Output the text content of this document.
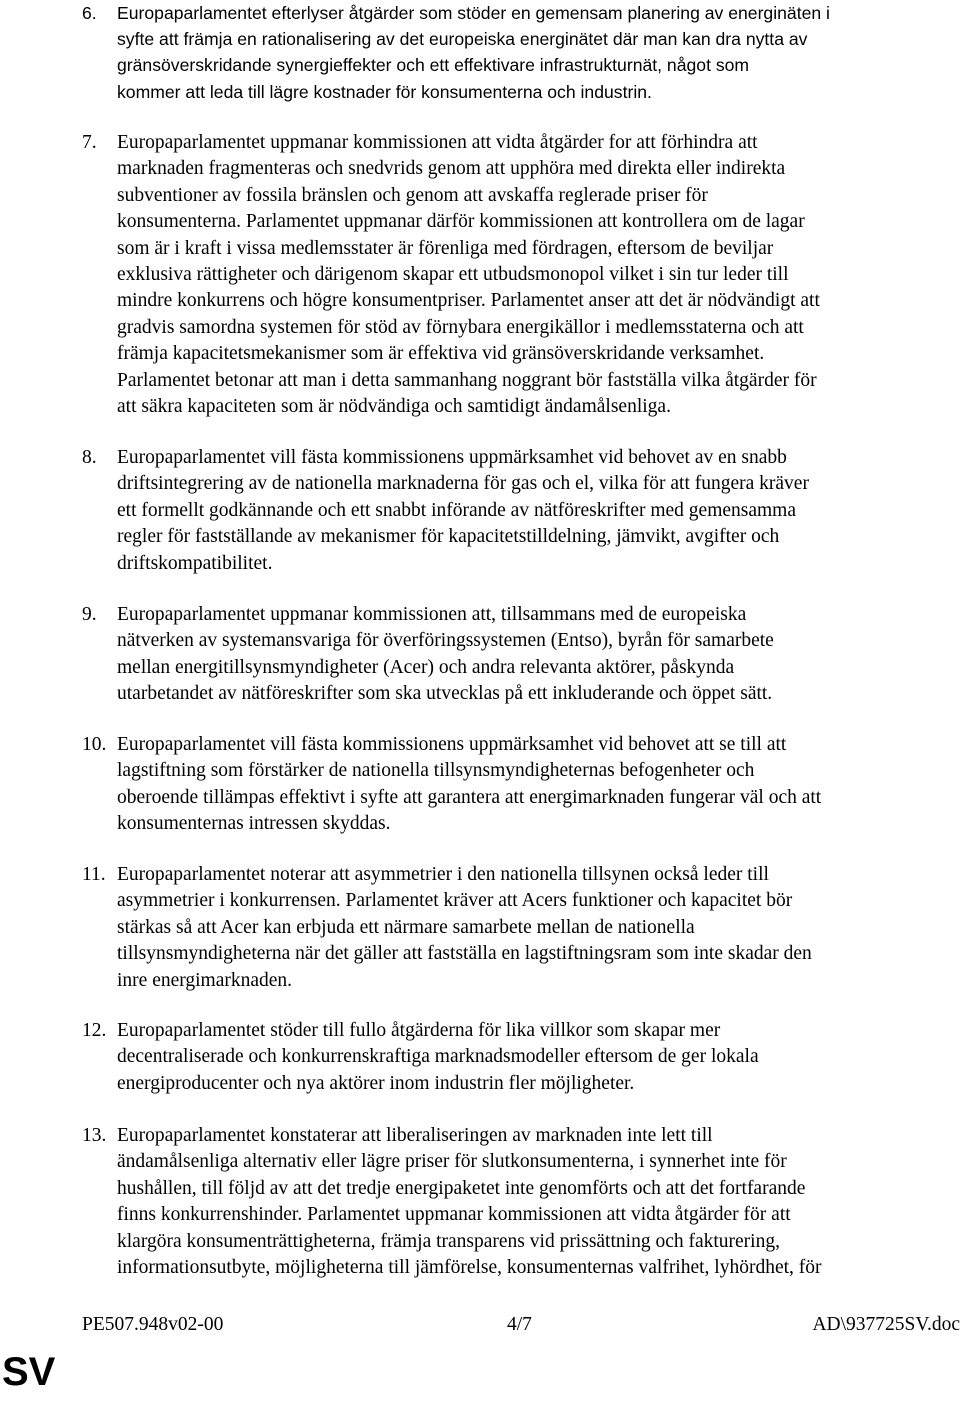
6. Europaparlamentet efterlyser åtgärder som stöder en gemensam planering av energinäten i
syfte att främja en rationalisering av det europeiska energinätet där man kan dra nytta av
gränsöverskridande synergieffekter och ett effektivare infrastrukturnät, något som
kommer att leda till lägre kostnader för konsumenterna och industrin.
7. Europaparlamentet uppmanar kommissionen att vidta åtgärder for att förhindra att
marknaden fragmenteras och snedvrids genom att upphöra med direkta eller indirekta
subventioner av fossila bränslen och genom att avskaffa reglerade priser för
konsumenterna. Parlamentet uppmanar därför kommissionen att kontrollera om de lagar
som är i kraft i vissa medlemsstater är förenliga med fördragen, eftersom de beviljar
exklusiva rättigheter och därigenom skapar ett utbudsmonopol vilket i sin tur leder till
mindre konkurrens och högre konsumentpriser. Parlamentet anser att det är nödvändigt att
gradvis samordna systemen för stöd av förnybara energikällor i medlemsstaterna och att
främja kapacitetsmekanismer som är effektiva vid gränsöverskridande verksamhet.
Parlamentet betonar att man i detta sammanhang noggrant bör fastställa vilka åtgärder för
att säkra kapaciteten som är nödvändiga och samtidigt ändamålsenliga.
8. Europaparlamentet vill fästa kommissionens uppmärksamhet vid behovet av en snabb
driftsintegrering av de nationella marknaderna för gas och el, vilka för att fungera kräver
ett formellt godkännande och ett snabbt införande av nätföreskrifter med gemensamma
regler för fastställande av mekanismer för kapacitetstilldelning, jämvikt, avgifter och
driftskompatibilitet.
9. Europaparlamentet uppmanar kommissionen att, tillsammans med de europeiska
nätverken av systemansvariga för överföringssystemen (Entso), byrån för samarbete
mellan energitillsynsmyndigheter (Acer) och andra relevanta aktörer, påskynda
utarbetandet av nätföreskrifter som ska utvecklas på ett inkluderande och öppet sätt.
10. Europaparlamentet vill fästa kommissionens uppmärksamhet vid behovet att se till att
lagstiftning som förstärker de nationella tillsynsmyndigheternas befogenheter och
oberoende tillämpas effektivt i syfte att garantera att energimarknaden fungerar väl och att
konsumenternas intressen skyddas.
11. Europaparlamentet noterar att asymmetrier i den nationella tillsynen också leder till
asymmetrier i konkurrensen. Parlamentet kräver att Acers funktioner och kapacitet bör
stärkas så att Acer kan erbjuda ett närmare samarbete mellan de nationella
tillsynsmyndigheterna när det gäller att fastställa en lagstiftningsram som inte skadar den
inre energimarknaden.
12. Europaparlamentet stöder till fullo åtgärderna för lika villkor som skapar mer
decentraliserade och konkurrenskraftiga marknadsmodeller eftersom de ger lokala
energiproducenter och nya aktörer inom industrin fler möjligheter.
13. Europaparlamentet konstaterar att liberaliseringen av marknaden inte lett till
ändamålsenliga alternativ eller lägre priser för slutkonsumenterna, i synnerhet inte för
hushållen, till följd av att det tredje energipaketet inte genomförts och att det fortfarande
finns konkurrenshinder. Parlamentet uppmanar kommissionen att vidta åtgärder för att
klargöra konsumenträttigheterna, främja transparens vid prissättning och fakturering,
informationsutbyte, möjligheterna till jämförelse, konsumenternas valfrihet, lyhördhet, för
PE507.948v02-00	4/7	AD\937725SV.doc
SV
